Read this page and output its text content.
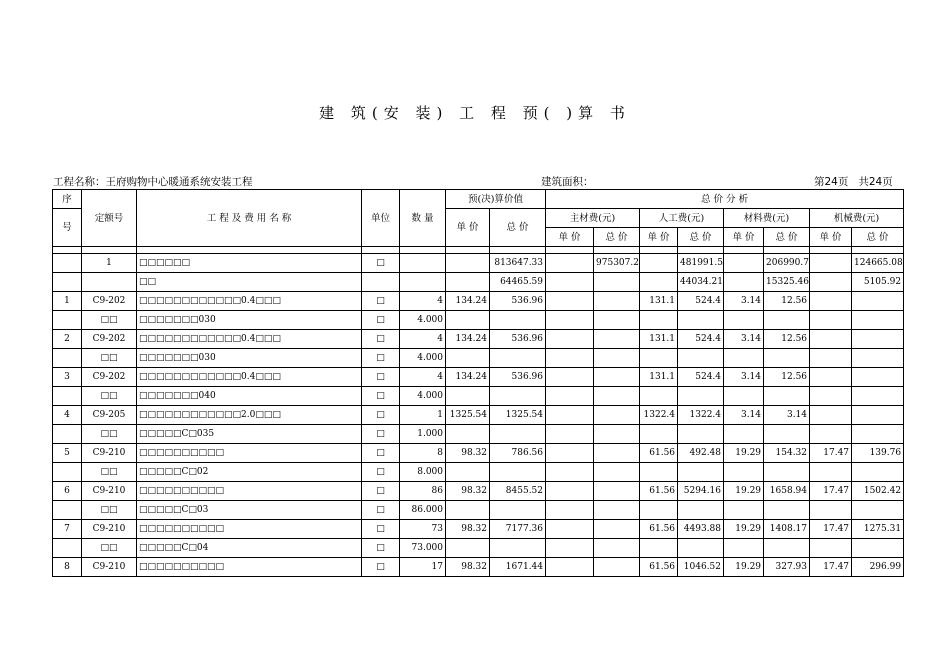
建 筑(安 装) 工 程 预( )算 书
工程名称：王府购物中心暖通系统安装工程	建筑面积：	第24页 共24页
序	定额号	工 程 及 费 用 名 称	单位	数 量	预(决)算价值		总 价 分 析							
号					单 价	总 价	主材费(元)		人工费(元)		材料费(元)		机械费(元)	
							单 价	总 价	单 价	总 价	单 价	总 价	单 价	总 价

	1	□□□□□□	□			813647.33		975307.2		481991.5		206990.7		124665.08
		□□				64465.59				44034.21		15325.46		5105.92
1	C9-202	□□□□□□□□□□□□0.4□□□	□	4	134.24	536.96			131.1	524.4	3.14	12.56		
	□□	□□□□□□□030	□	4.000										
2	C9-202	□□□□□□□□□□□□0.4□□□	□	4	134.24	536.96			131.1	524.4	3.14	12.56		
	□□	□□□□□□□030	□	4.000										
3	C9-202	□□□□□□□□□□□□0.4□□□	□	4	134.24	536.96			131.1	524.4	3.14	12.56		
	□□	□□□□□□□040	□	4.000										
4	C9-205	□□□□□□□□□□□□2.0□□□	□	1	1325.54	1325.54			1322.4	1322.4	3.14	3.14		
	□□	□□□□□C□035	□	1.000										
5	C9-210	□□□□□□□□□□	□	8	98.32	786.56			61.56	492.48	19.29	154.32	17.47	139.76
	□□	□□□□□C□02	□	8.000										
6	C9-210	□□□□□□□□□□	□	86	98.32	8455.52			61.56	5294.16	19.29	1658.94	17.47	1502.42
	□□	□□□□□C□03	□	86.000										
7	C9-210	□□□□□□□□□□	□	73	98.32	7177.36			61.56	4493.88	19.29	1408.17	17.47	1275.31
	□□	□□□□□C□04	□	73.000										
8	C9-210	□□□□□□□□□□	□	17	98.32	1671.44			61.56	1046.52	19.29	327.93	17.47	296.99
